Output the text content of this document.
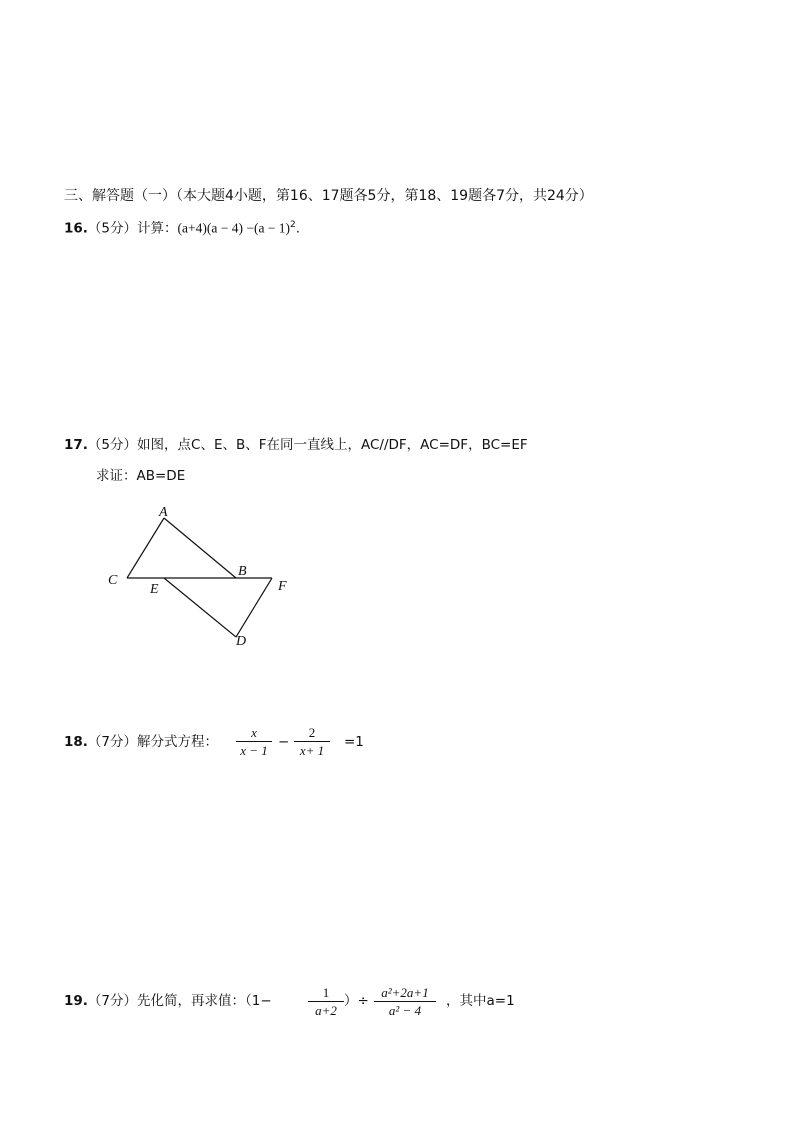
三、解答题（一）（本大题4小题，第16、17题各5分，第18、19题各7分，共24分）
16.（5分）计算：$(a+4)(a - 4) -(a - 1)^2$.
17.（5分）如图，点C、E、B、F在同一直线上，AC//DF，AC=DF，BC=EF
求证：AB=DE
A
B
C
D
E	F
18.（7分）解分式方程：
x
x − 1
−
2
x+ 1
=1
19.（7分）先化简，再求值：（1−
1
a+2
）÷
a²+2a+1
a² − 4
，其中a=1
